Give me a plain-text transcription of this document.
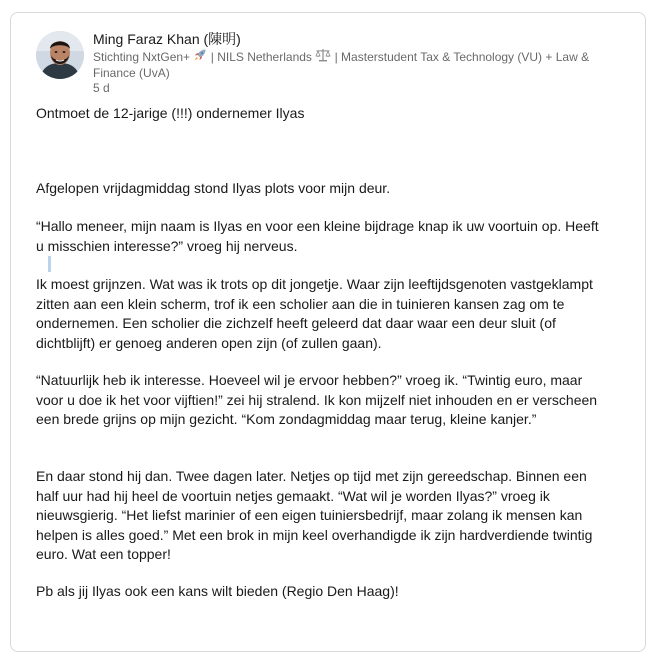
Ming Faraz Khan (陳明)
Stichting NxtGen+ | NILS Netherlands | Masterstudent Tax & Technology (VU) + Law & Finance (UvA)
5 d

Ontmoet de 12-jarige (!!!) ondernemer Ilyas

Afgelopen vrijdagmiddag stond Ilyas plots voor mijn deur.

“Hallo meneer, mijn naam is Ilyas en voor een kleine bijdrage knap ik uw voortuin op. Heeft u misschien interesse?” vroeg hij nerveus.

Ik moest grijnzen. Wat was ik trots op dit jongetje. Waar zijn leeftijdsgenoten vastgeklampt zitten aan een klein scherm, trof ik een scholier aan die in tuinieren kansen zag om te ondernemen. Een scholier die zichzelf heeft geleerd dat daar waar een deur sluit (of dichtblijft) er genoeg anderen open zijn (of zullen gaan).

“Natuurlijk heb ik interesse. Hoeveel wil je ervoor hebben?” vroeg ik. “Twintig euro, maar voor u doe ik het voor vijftien!” zei hij stralend. Ik kon mijzelf niet inhouden en er verscheen een brede grijns op mijn gezicht. “Kom zondagmiddag maar terug, kleine kanjer.”

En daar stond hij dan. Twee dagen later. Netjes op tijd met zijn gereedschap. Binnen een half uur had hij heel de voortuin netjes gemaakt. “Wat wil je worden Ilyas?” vroeg ik nieuwsgierig. “Het liefst marinier of een eigen tuiniersbedrijf, maar zolang ik mensen kan helpen is alles goed.” Met een brok in mijn keel overhandigde ik zijn hardverdiende twintig euro. Wat een topper!

Pb als jij Ilyas ook een kans wilt bieden (Regio Den Haag)!
